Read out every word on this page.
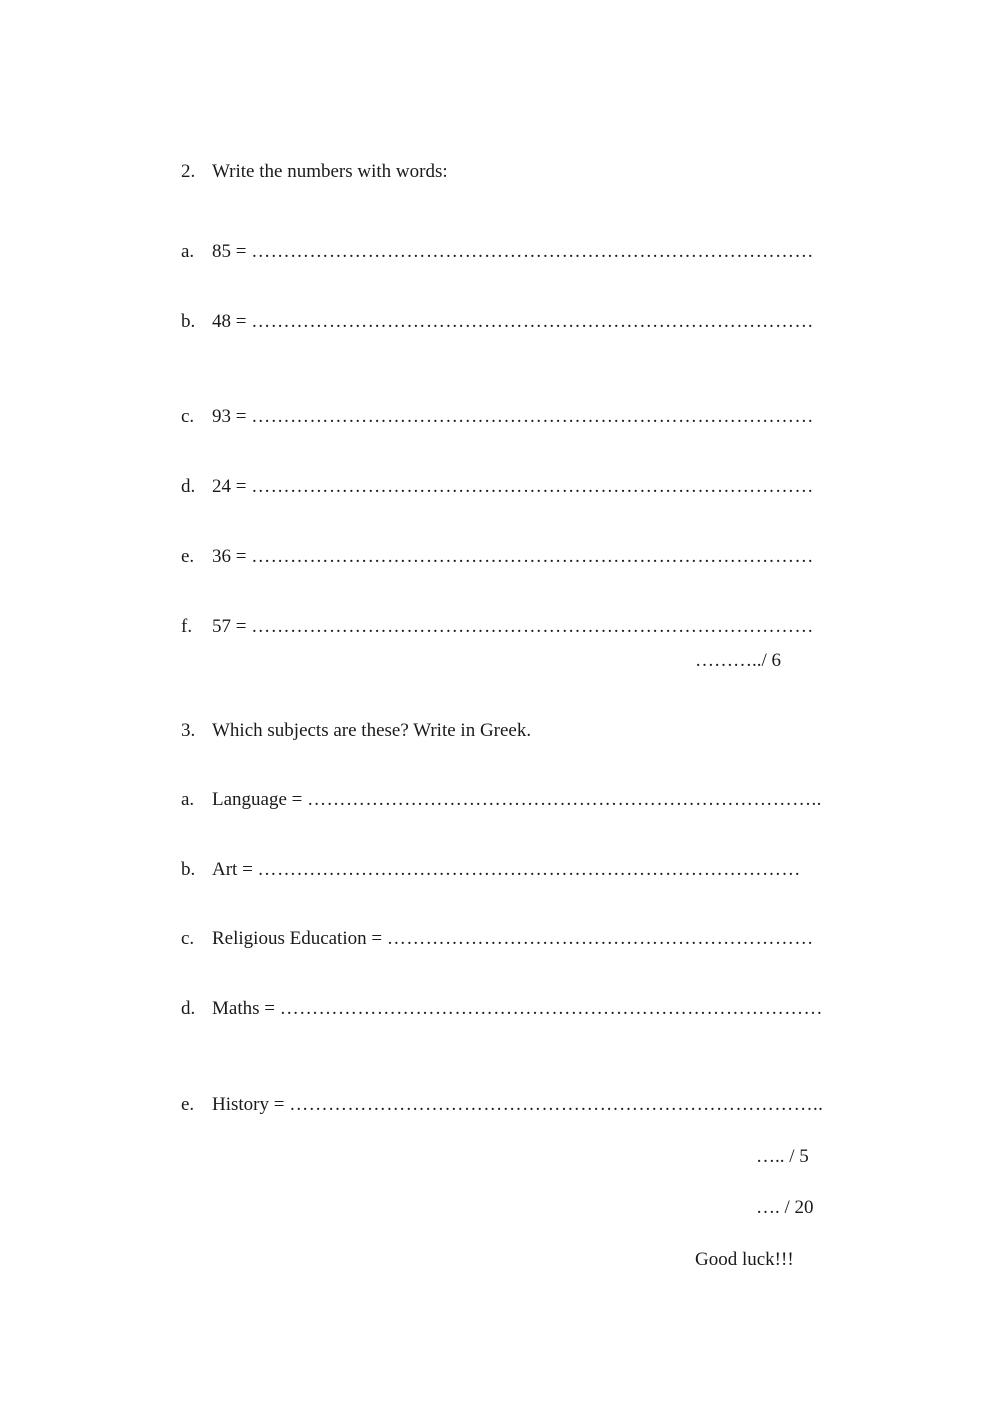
2. Write the numbers with words:
a. 85 = ……………………………………………………………………………
b. 48 = ……………………………………………………………………………
c. 93 = ……………………………………………………………………………
d. 24 = ……………………………………………………………………………
e. 36 = ……………………………………………………………………………
f. 57 = ……………………………………………………………………………
………../ 6
3. Which subjects are these? Write in Greek.
a. Language = ……………………………………………………………………..
b. Art = …………………………………………………………………………
c. Religious Education = …………………………………………………………
d. Maths = …………………………………………………………………………
e. History = ………………………………………………………………………..
….. / 5
…. / 20
Good luck!!!
